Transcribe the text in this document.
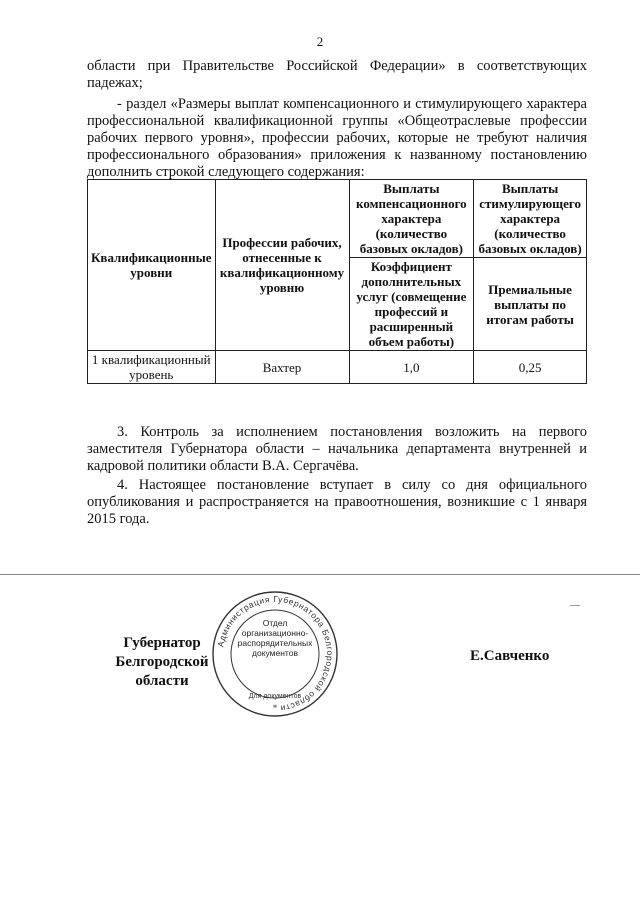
2

области при Правительстве Российской Федерации» в соответствующих падежах;

- раздел «Размеры выплат компенсационного и стимулирующего характера профессиональной квалификационной группы «Общеотраслевые профессии рабочих первого уровня», профессии рабочих, которые не требуют наличия профессионального образования» приложения к названному постановлению дополнить строкой следующего содержания:

Квалификационные уровни	Профессии рабочих, отнесенные к квалификационному уровню	Выплаты компенсационного характера (количество базовых окладов)	Выплаты стимулирующего характера (количество базовых окладов)
		Коэффициент дополнительных услуг (совмещение профессий и расширенный объем работы)	Премиальные выплаты по итогам работы
1 квалификационный уровень	Вахтер	1,0	0,25

3. Контроль за исполнением постановления возложить на первого заместителя Губернатора области – начальника департамента внутренней и кадровой политики области В.А. Сергачёва.

4. Настоящее постановление вступает в силу со дня официального опубликования и распространяется на правоотношения, возникшие с 1 января 2015 года.

Губернатор
Белгородской области
Администрация Губернатора Белгородской области
Для документов
*
Отдел
организационно-
распорядительных
документов	Е.Савченко
